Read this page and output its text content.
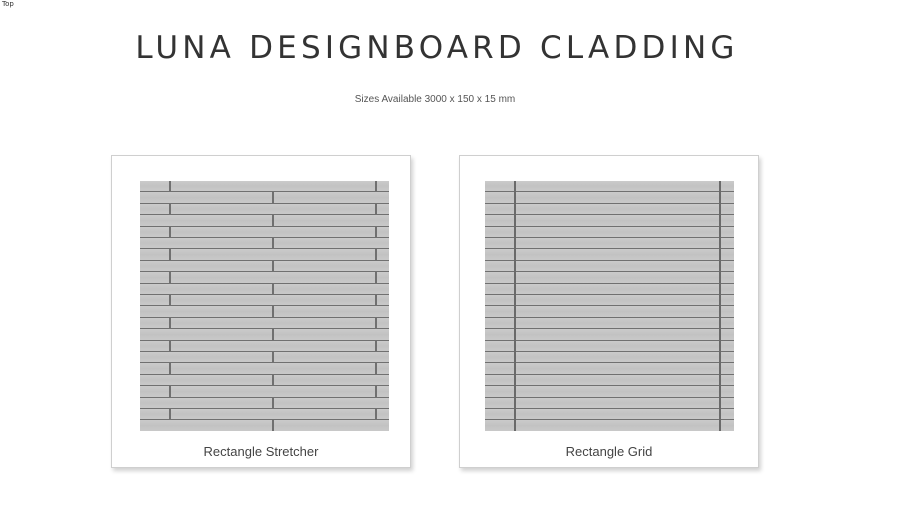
Top
LUNA DESIGNBOARD CLADDING
Sizes Available 3000 x 150 x 15 mm
Rectangle Stretcher	Rectangle Grid
